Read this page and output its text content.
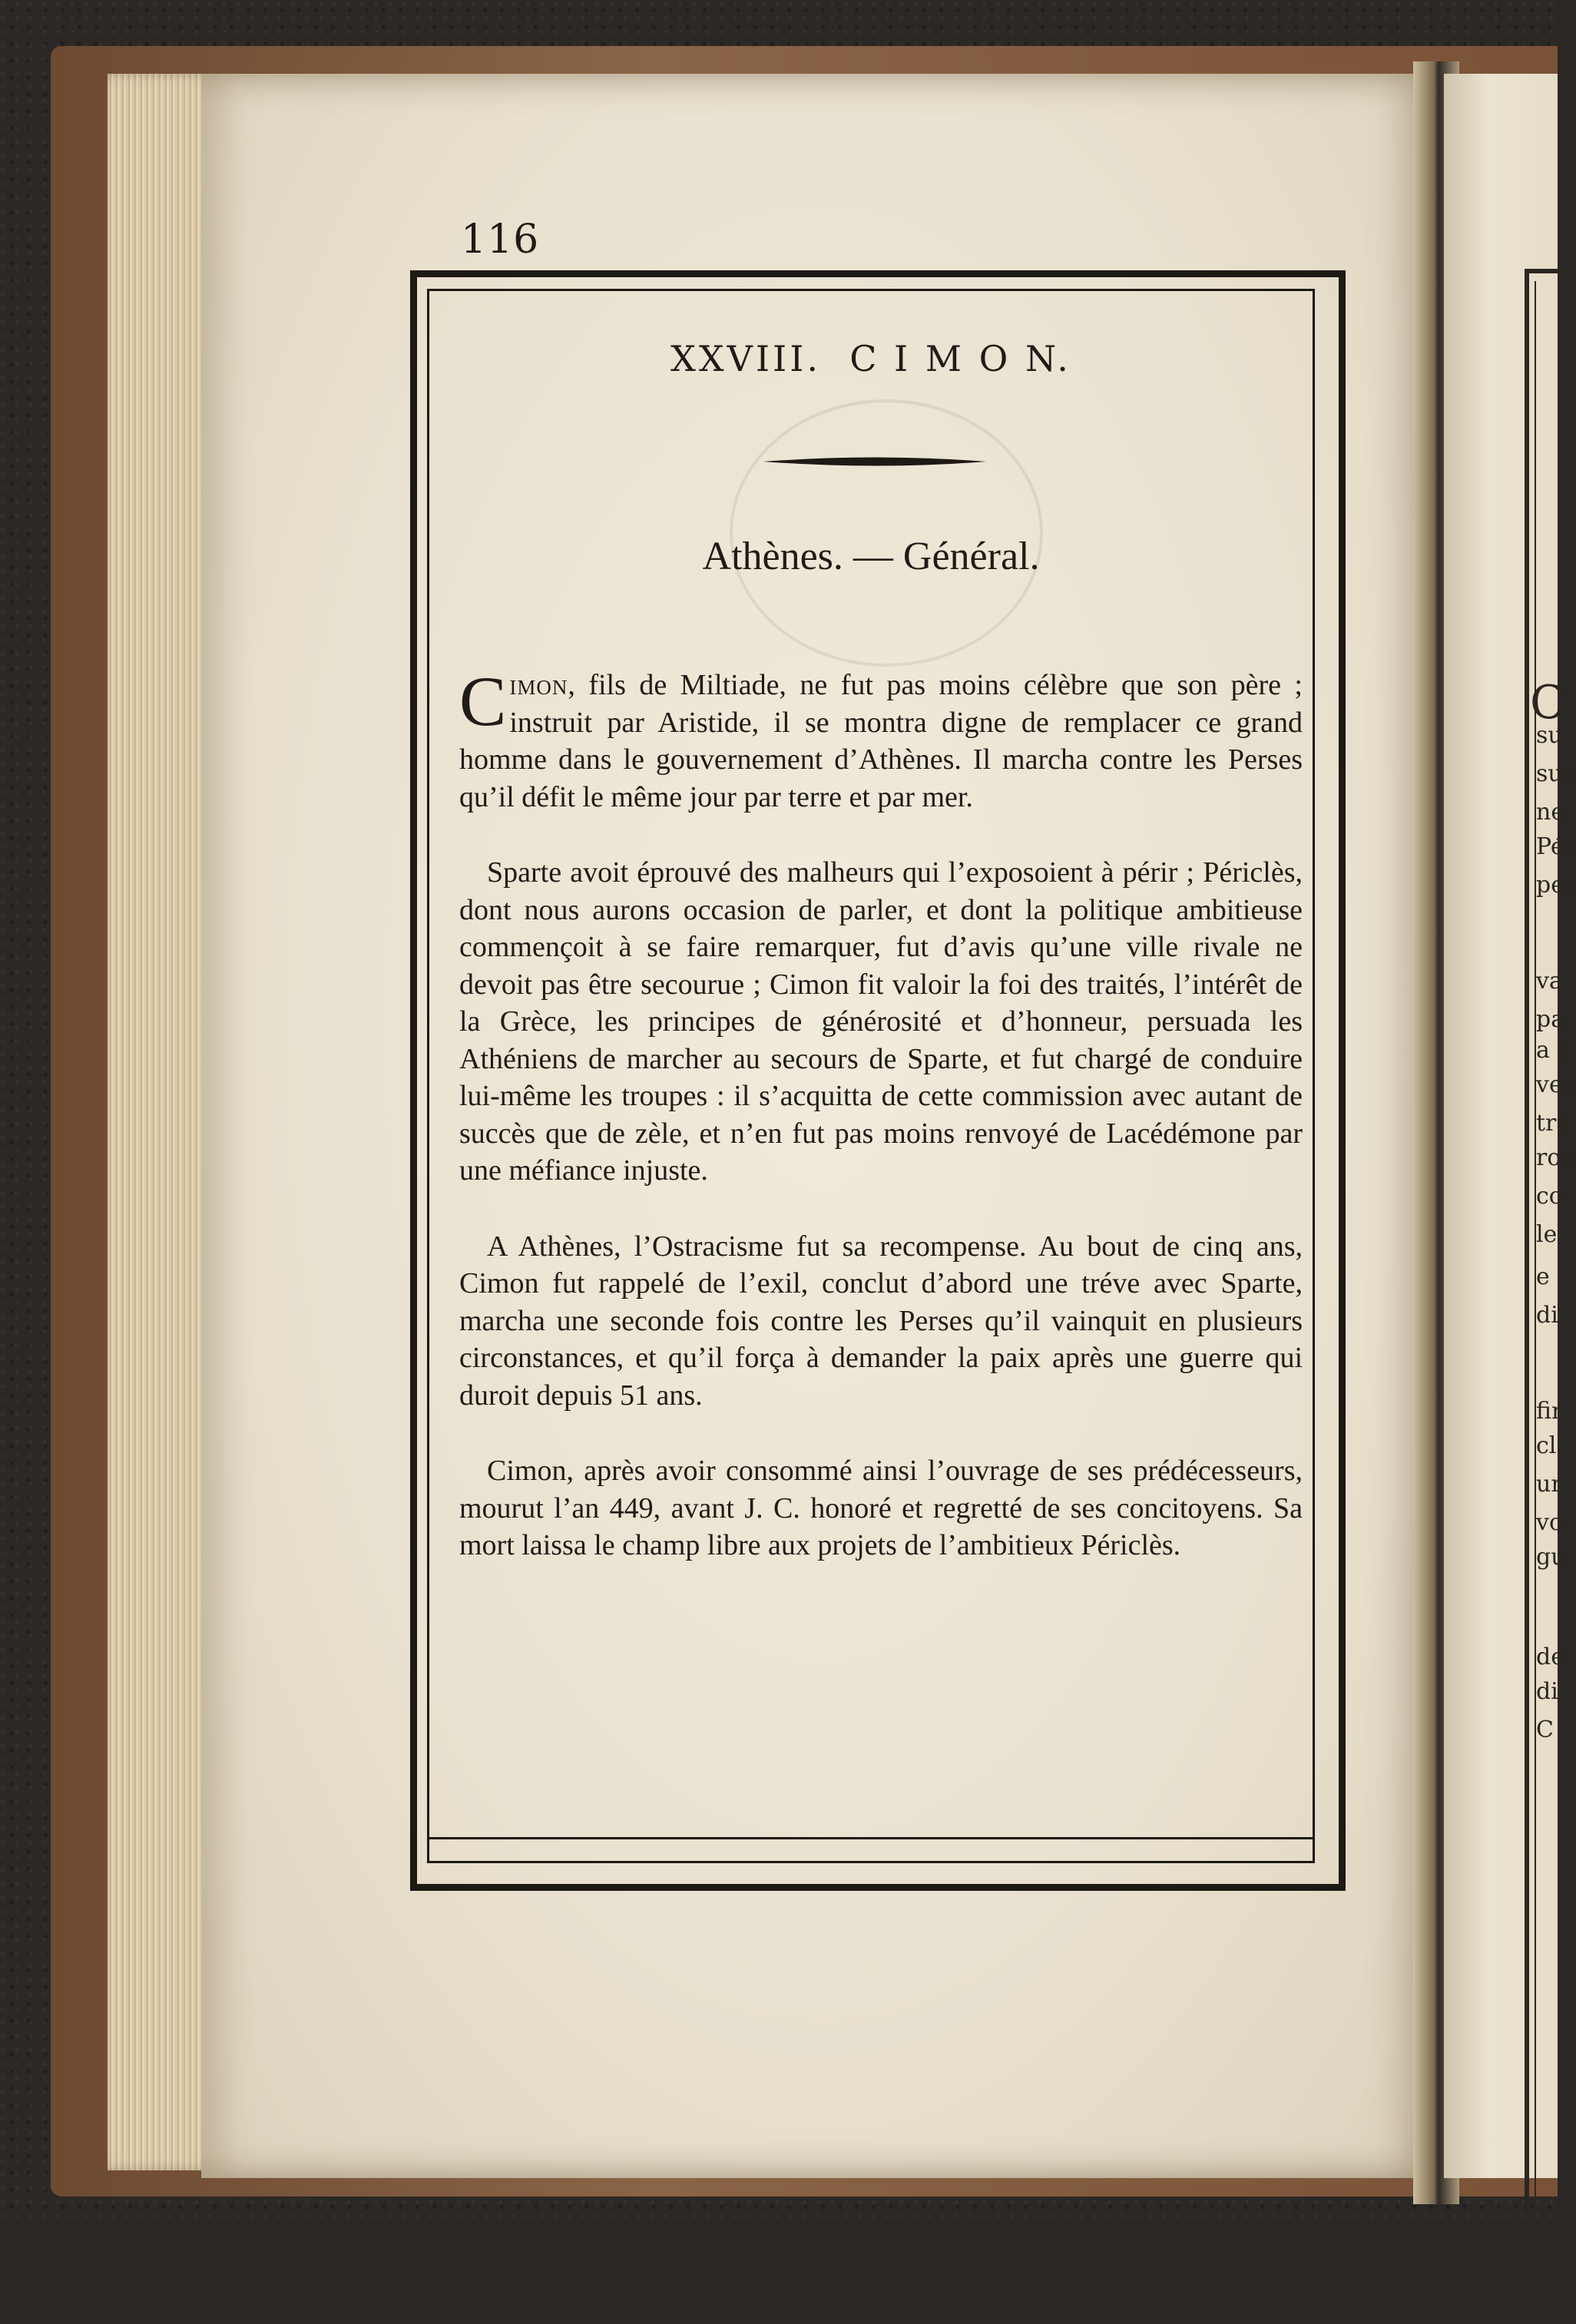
C
su
suc
ne
Pér
per
va
pa
a s
vev
tra
ros
co
le
e
di
fir
cl
ur
vo
gu
de
di
C
116
XXVIII.  C I M O N.
Athènes. — Général.

Cimon, fils de Miltiade, ne fut pas moins célèbre que son père ; instruit par Aristide, il se montra digne de remplacer ce grand homme dans le gouvernement d’Athènes. Il marcha contre les Perses qu’il défit le même jour par terre et par mer.

Sparte avoit éprouvé des malheurs qui l’exposoient à périr ; Périclès, dont nous aurons occasion de parler, et dont la politique ambitieuse commençoit à se faire remarquer, fut d’avis qu’une ville rivale ne devoit pas être secourue ; Cimon fit valoir la foi des traités, l’intérêt de la Grèce, les principes de générosité et d’honneur, persuada les Athéniens de marcher au secours de Sparte, et fut chargé de conduire lui-même les troupes : il s’acquitta de cette commission avec autant de succès que de zèle, et n’en fut pas moins renvoyé de Lacédémone par une méfiance injuste.

A Athènes, l’Ostracisme fut sa recompense. Au bout de cinq ans, Cimon fut rappelé de l’exil, conclut d’abord une tréve avec Sparte, marcha une seconde fois contre les Perses qu’il vainquit en plusieurs circonstances, et qu’il força à demander la paix après une guerre qui duroit depuis 51 ans.

Cimon, après avoir consommé ainsi l’ouvrage de ses prédécesseurs, mourut l’an 449, avant J. C. honoré et regretté de ses concitoyens. Sa mort laissa le champ libre aux projets de l’ambitieux Périclès.
